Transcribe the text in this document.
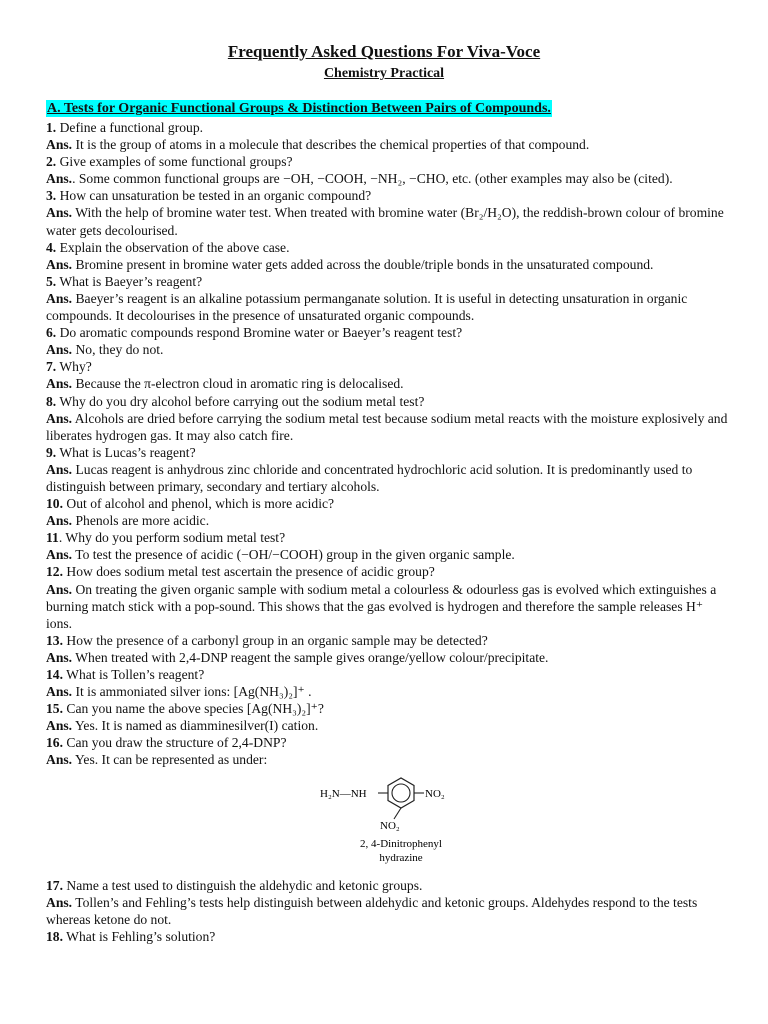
Frequently Asked Questions For Viva-Voce
Chemistry Practical
A. Tests for Organic Functional Groups & Distinction Between Pairs of Compounds.
1. Define a functional group.
Ans. It is the group of atoms in a molecule that describes the chemical properties of that compound.
2. Give examples of some functional groups?
Ans.. Some common functional groups are −OH, −COOH, −NH₂, −CHO, etc. (other examples may also be (cited).
3. How can unsaturation be tested in an organic compound?
Ans. With the help of bromine water test. When treated with bromine water (Br₂/H₂O), the reddish-brown colour of bromine water gets decolourised.
4. Explain the observation of the above case.
Ans. Bromine present in bromine water gets added across the double/triple bonds in the unsaturated compound.
5. What is Baeyer’s reagent?
Ans. Baeyer’s reagent is an alkaline potassium permanganate solution. It is useful in detecting unsaturation in organic compounds. It decolourises in the presence of unsaturated organic compounds.
6. Do aromatic compounds respond Bromine water or Baeyer’s reagent test?
Ans. No, they do not.
7. Why?
Ans. Because the π-electron cloud in aromatic ring is delocalised.
8. Why do you dry alcohol before carrying out the sodium metal test?
Ans. Alcohols are dried before carrying the sodium metal test because sodium metal reacts with the moisture explosively and liberates hydrogen gas. It may also catch fire.
9. What is Lucas’s reagent?
Ans. Lucas reagent is anhydrous zinc chloride and concentrated hydrochloric acid solution. It is predominantly used to distinguish between primary, secondary and tertiary alcohols.
10. Out of alcohol and phenol, which is more acidic?
Ans. Phenols are more acidic.
11. Why do you perform sodium metal test?
Ans. To test the presence of acidic (−OH/−COOH) group in the given organic sample.
12. How does sodium metal test ascertain the presence of acidic group?
Ans. On treating the given organic sample with sodium metal a colourless & odourless gas is evolved which extinguishes a burning match stick with a pop-sound. This shows that the gas evolved is hydrogen and therefore the sample releases H⁺ ions.
13. How the presence of a carbonyl group in an organic sample may be detected?
Ans. When treated with 2,4-DNP reagent the sample gives orange/yellow colour/precipitate.
14. What is Tollen’s reagent?
Ans. It is ammoniated silver ions: [Ag(NH₃)₂]⁺ .
15. Can you name the above species [Ag(NH₃)₂]⁺?
Ans. Yes. It is named as diamminesilver(I) cation.
16. Can you draw the structure of 2,4-DNP?
Ans. Yes. It can be represented as under:
H₂N—NH	NO₂
NO₂
2, 4-Dinitrophenyl
hydrazine
17. Name a test used to distinguish the aldehydic and ketonic groups.
Ans. Tollen’s and Fehling’s tests help distinguish between aldehydic and ketonic groups. Aldehydes respond to the tests whereas ketone do not.
18. What is Fehling’s solution?
